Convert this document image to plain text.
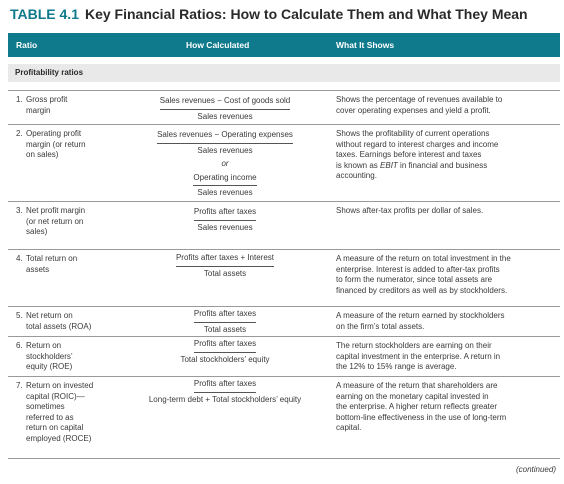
TABLE 4.1 Key Financial Ratios: How to Calculate Them and What They Mean
Ratio	How Calculated	What It Shows
Profitability ratios
1. Gross profit
margin
Sales revenues − Cost of goods sold
Sales revenues
Shows the percentage of revenues available to
cover operating expenses and yield a profit.
2. Operating profit
margin (or return
on sales)
Sales revenues − Operating expenses
Sales revenues
or
Operating income
Sales revenues
Shows the profitability of current operations
without regard to interest charges and income
taxes. Earnings before interest and taxes
is known as EBIT in financial and business
accounting.
3. Net profit margin
(or net return on
sales)
Profits after taxes
Sales revenues
Shows after-tax profits per dollar of sales.
4. Total return on
assets
Profits after taxes + Interest
Total assets
A measure of the return on total investment in the
enterprise. Interest is added to after-tax profits
to form the numerator, since total assets are
financed by creditors as well as by stockholders.
5. Net return on
total assets (ROA)
Profits after taxes
Total assets
A measure of the return earned by stockholders
on the firm’s total assets.
6. Return on
stockholders’
equity (ROE)
Profits after taxes
Total stockholders’ equity
The return stockholders are earning on their
capital investment in the enterprise. A return in
the 12% to 15% range is average.
7. Return on invested
capital (ROIC)—
sometimes
referred to as
return on capital
employed (ROCE)
Profits after taxes
Long-term debt + Total stockholders’ equity
A measure of the return that shareholders are
earning on the monetary capital invested in
the enterprise. A higher return reflects greater
bottom-line effectiveness in the use of long-term
capital.
(continued)
